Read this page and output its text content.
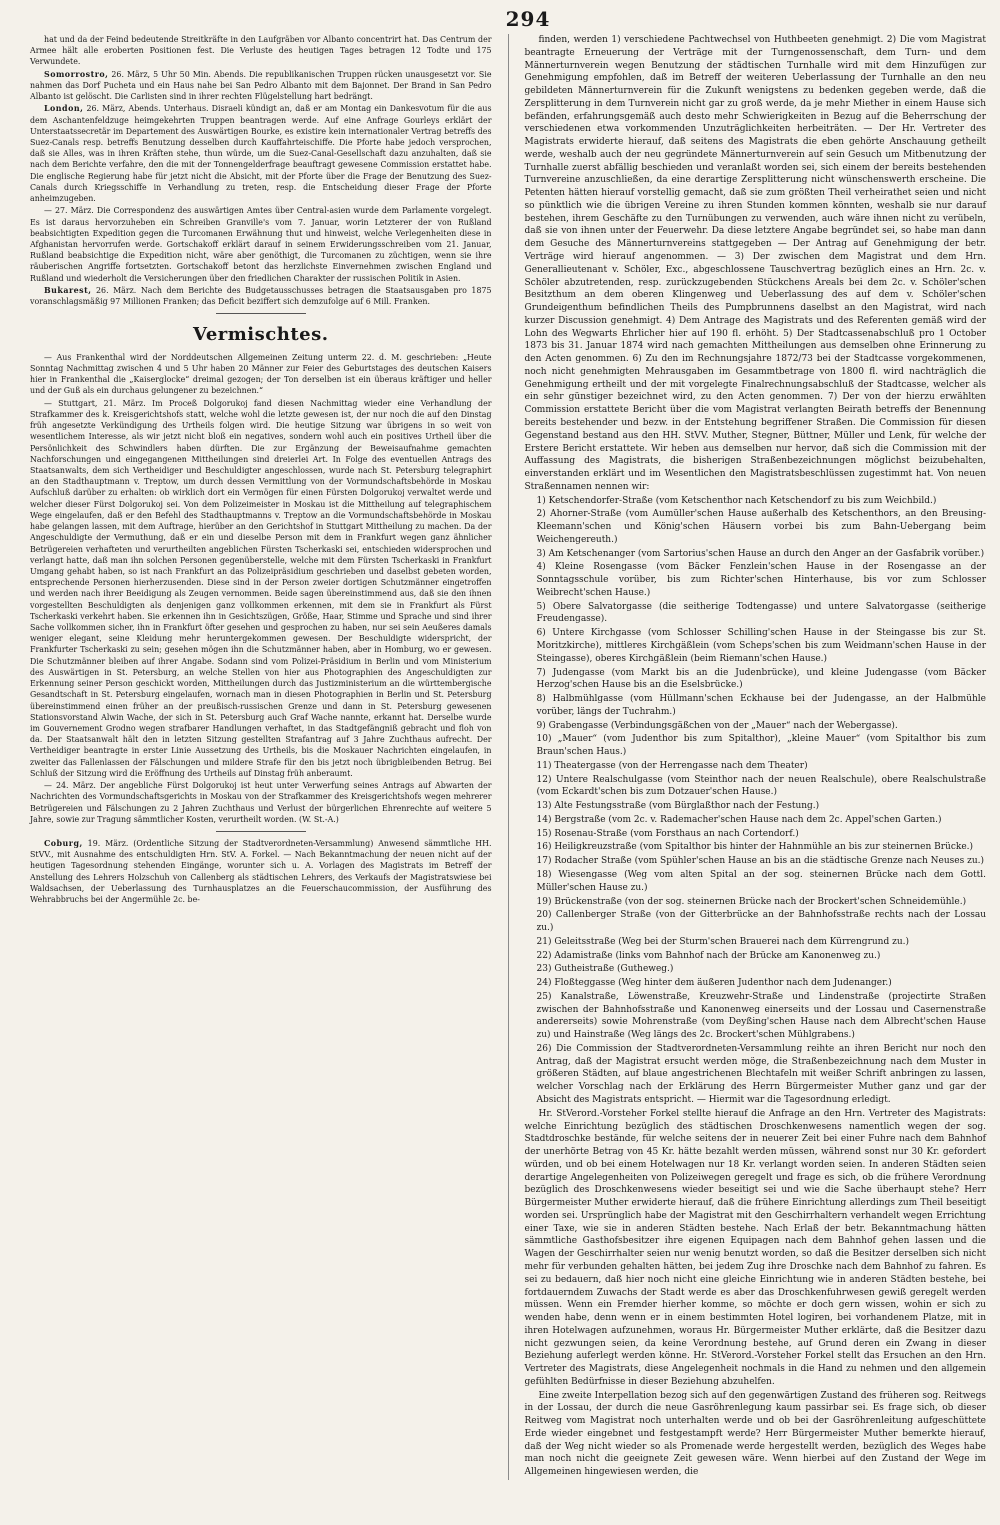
294

hat und da der Feind bedeutende Streitkräfte in den Laufgräben vor Albanto concentrirt hat. Das Centrum der Armee hält alle eroberten Positionen fest. Die Verluste des heutigen Tages betragen 12 Todte und 175 Verwundete.

Somorrostro, 26. März, 5 Uhr 50 Min. Abends. Die republikanischen Truppen rücken unausgesetzt vor. Sie nahmen das Dorf Pucheta und ein Haus nahe bei San Pedro Albanto mit dem Bajonnet. Der Brand in San Pedro Albanto ist gelöscht. Die Carlisten sind in ihrer rechten Flügelstellung hart bedrängt.

London, 26. März, Abends. Unterhaus. Disraeli kündigt an, daß er am Montag ein Dankesvotum für die aus dem Aschantenfeldzuge heimgekehrten Truppen beantragen werde. Auf eine Anfrage Gourleys erklärt der Unterstaatssecretär im Departement des Auswärtigen Bourke, es existire kein internationaler Vertrag betreffs des Suez-Canals resp. betreffs Benutzung desselben durch Kauffahrteischiffe. Die Pforte habe jedoch versprochen, daß sie Alles, was in ihren Kräften stehe, thun würde, um die Suez-Canal-Gesellschaft dazu anzuhalten, daß sie nach dem Berichte verfahre, den die mit der Tonnengelderfrage beauftragt gewesene Commission erstattet habe. Die englische Regierung habe für jetzt nicht die Absicht, mit der Pforte über die Frage der Benutzung des Suez-Canals durch Kriegsschiffe in Verhandlung zu treten, resp. die Entscheidung dieser Frage der Pforte anheimzugeben.

— 27. März. Die Correspondenz des auswärtigen Amtes über Central-asien wurde dem Parlamente vorgelegt. Es ist daraus hervorzuheben ein Schreiben Granville's vom 7. Januar, worin Letzterer der von Rußland beabsichtigten Expedition gegen die Turcomanen Erwähnung thut und hinweist, welche Verlegenheiten diese in Afghanistan hervorrufen werde. Gortschakoff erklärt darauf in seinem Erwiderungsschreiben vom 21. Januar, Rußland beabsichtige die Expedition nicht, wäre aber genöthigt, die Turcomanen zu züchtigen, wenn sie ihre räuberischen Angriffe fortsetzten. Gortschakoff betont das herzlichste Einvernehmen zwischen England und Rußland und wiederholt die Versicherungen über den friedlichen Charakter der russischen Politik in Asien.

Bukarest, 26. März. Nach dem Berichte des Budgetausschusses betragen die Staatsausgaben pro 1875 voranschlagsmäßig 97 Millionen Franken; das Deficit beziffert sich demzufolge auf 6 Mill. Franken.

Vermischtes.

— Aus Frankenthal wird der Norddeutschen Allgemeinen Zeitung unterm 22. d. M. geschrieben: „Heute Sonntag Nachmittag zwischen 4 und 5 Uhr haben 20 Männer zur Feier des Geburtstages des deutschen Kaisers hier in Frankenthal die „Kaiserglocke“ dreimal gezogen; der Ton derselben ist ein überaus kräftiger und heller und der Guß als ein durchaus gelungener zu bezeichnen.“

— Stuttgart, 21. März. Im Proceß Dolgorukoj fand diesen Nachmittag wieder eine Verhandlung der Strafkammer des k. Kreisgerichtshofs statt, welche wohl die letzte gewesen ist, der nur noch die auf den Dinstag früh angesetzte Verkündigung des Urtheils folgen wird. Die heutige Sitzung war übrigens in so weit von wesentlichem Interesse, als wir jetzt nicht bloß ein negatives, sondern wohl auch ein positives Urtheil über die Persönlichkeit des Schwindlers haben dürften. Die zur Ergänzung der Beweisaufnahme gemachten Nachforschungen und eingegangenen Mittheilungen sind dreierlei Art. In Folge des eventuellen Antrags des Staatsanwalts, dem sich Vertheidiger und Beschuldigter angeschlossen, wurde nach St. Petersburg telegraphirt an den Stadthauptmann v. Treptow, um durch dessen Vermittlung von der Vormundschaftsbehörde in Moskau Aufschluß darüber zu erhalten: ob wirklich dort ein Vermögen für einen Fürsten Dolgorukoj verwaltet werde und welcher dieser Fürst Dolgorukoj sei. Von dem Polizeimeister in Moskau ist die Mittheilung auf telegraphischem Wege eingelaufen, daß er den Befehl des Stadthauptmanns v. Treptow an die Vormundschaftsbehörde in Moskau habe gelangen lassen, mit dem Auftrage, hierüber an den Gerichtshof in Stuttgart Mittheilung zu machen. Da der Angeschuldigte der Vermuthung, daß er ein und dieselbe Person mit dem in Frankfurt wegen ganz ähnlicher Betrügereien verhafteten und verurtheilten angeblichen Fürsten Tscherkaski sei, entschieden widersprochen und verlangt hatte, daß man ihn solchen Personen gegenüberstelle, welche mit dem Fürsten Tscherkaski in Frankfurt Umgang gehabt haben, so ist nach Frankfurt an das Polizeipräsidium geschrieben und daselbst gebeten worden, entsprechende Personen hierherzusenden. Diese sind in der Person zweier dortigen Schutzmänner eingetroffen und werden nach ihrer Beeidigung als Zeugen vernommen. Beide sagen übereinstimmend aus, daß sie den ihnen vorgestellten Beschuldigten als denjenigen ganz vollkommen erkennen, mit dem sie in Frankfurt als Fürst Tscherkaski verkehrt haben. Sie erkennen ihn in Gesichtszügen, Größe, Haar, Stimme und Sprache und sind ihrer Sache vollkommen sicher, ihn in Frankfurt öfter gesehen und gesprochen zu haben, nur sei sein Aeußeres damals weniger elegant, seine Kleidung mehr heruntergekommen gewesen. Der Beschuldigte widerspricht, der Frankfurter Tscherkaski zu sein; gesehen mögen ihn die Schutzmänner haben, aber in Homburg, wo er gewesen. Die Schutzmänner bleiben auf ihrer Angabe. Sodann sind vom Polizei-Präsidium in Berlin und vom Ministerium des Auswärtigen in St. Petersburg, an welche Stellen von hier aus Photographien des Angeschuldigten zur Erkennung seiner Person geschickt worden, Mittheilungen durch das Justizministerium an die württembergische Gesandtschaft in St. Petersburg eingelaufen, wornach man in diesen Photographien in Berlin und St. Petersburg übereinstimmend einen früher an der preußisch-russischen Grenze und dann in St. Petersburg gewesenen Stationsvorstand Alwin Wache, der sich in St. Petersburg auch Graf Wache nannte, erkannt hat. Derselbe wurde im Gouvernement Grodno wegen strafbarer Handlungen verhaftet, in das Stadtgefängniß gebracht und floh von da. Der Staatsanwalt hält den in letzten Sitzung gestellten Strafantrag auf 3 Jahre Zuchthaus aufrecht. Der Vertheidiger beantragte in erster Linie Aussetzung des Urtheils, bis die Moskauer Nachrichten eingelaufen, in zweiter das Fallenlassen der Fälschungen und mildere Strafe für den bis jetzt noch übrigbleibenden Betrug. Bei Schluß der Sitzung wird die Eröffnung des Urtheils auf Dinstag früh anberaumt.

— 24. März. Der angebliche Fürst Dolgorukoj ist heut unter Verwerfung seines Antrags auf Abwarten der Nachrichten des Vormundschaftsgerichts in Moskau von der Strafkammer des Kreisgerichtshofs wegen mehrerer Betrügereien und Fälschungen zu 2 Jahren Zuchthaus und Verlust der bürgerlichen Ehrenrechte auf weitere 5 Jahre, sowie zur Tragung sämmtlicher Kosten, verurtheilt worden. (W. St.-A.)

Coburg, 19. März. (Ordentliche Sitzung der Stadtverordneten-Versammlung) Anwesend sämmtliche HH. StVV., mit Ausnahme des entschuldigten Hrn. StV. A. Forkel. — Nach Bekanntmachung der neuen nicht auf der heutigen Tagesordnung stehenden Eingänge, worunter sich u. A. Vorlagen des Magistrats im Betreff der Anstellung des Lehrers Holzschuh von Callenberg als städtischen Lehrers, des Verkaufs der Magistratswiese bei Waldsachsen, der Ueberlassung des Turnhausplatzes an die Feuerschaucommission, der Ausführung des Wehrabbruchs bei der Angermühle 2c. be-

finden, werden 1) verschiedene Pachtwechsel von Huthbeeten genehmigt. 2) Die vom Magistrat beantragte Erneuerung der Verträge mit der Turngenossenschaft, dem Turn- und dem Männerturnverein wegen Benutzung der städtischen Turnhalle wird mit dem Hinzufügen zur Genehmigung empfohlen, daß im Betreff der weiteren Ueberlassung der Turnhalle an den neu gebildeten Männerturnverein für die Zukunft wenigstens zu bedenken gegeben werde, daß die Zersplitterung in dem Turnverein nicht gar zu groß werde, da je mehr Miether in einem Hause sich befänden, erfahrungsgemäß auch desto mehr Schwierigkeiten in Bezug auf die Beherrschung der verschiedenen etwa vorkommenden Unzuträglichkeiten herbeiträten. — Der Hr. Vertreter des Magistrats erwiderte hierauf, daß seitens des Magistrats die eben gehörte Anschauung getheilt werde, weshalb auch der neu gegründete Männerturnverein auf sein Gesuch um Mitbenutzung der Turnhalle zuerst abfällig beschieden und veranlaßt worden sei, sich einem der bereits bestehenden Turnvereine anzuschließen, da eine derartige Zersplitterung nicht wünschenswerth erscheine. Die Petenten hätten hierauf vorstellig gemacht, daß sie zum größten Theil verheirathet seien und nicht so pünktlich wie die übrigen Vereine zu ihren Stunden kommen könnten, weshalb sie nur darauf bestehen, ihrem Geschäfte zu den Turnübungen zu verwenden, auch wäre ihnen nicht zu verübeln, daß sie von ihnen unter der Feuerwehr. Da diese letztere Angabe begründet sei, so habe man dann dem Gesuche des Männerturnvereins stattgegeben — Der Antrag auf Genehmigung der betr. Verträge wird hierauf angenommen. — 3) Der zwischen dem Magistrat und dem Hrn. Generallieutenant v. Schöler, Exc., abgeschlossene Tauschvertrag bezüglich eines an Hrn. 2c. v. Schöler abzutretenden, resp. zurückzugebenden Stückchens Areals bei dem 2c. v. Schöler'schen Besitzthum an dem oberen Klingenweg und Ueberlassung des auf dem v. Schöler'schen Grundeigenthum befindlichen Theils des Pumpbrunnens daselbst an den Magistrat, wird nach kurzer Discussion genehmigt. 4) Dem Antrage des Magistrats und des Referenten gemäß wird der Lohn des Wegwarts Ehrlicher hier auf 190 fl. erhöht. 5) Der Stadtcassenabschluß pro 1 October 1873 bis 31. Januar 1874 wird nach gemachten Mittheilungen aus demselben ohne Erinnerung zu den Acten genommen. 6) Zu den im Rechnungsjahre 1872/73 bei der Stadtcasse vorgekommenen, noch nicht genehmigten Mehrausgaben im Gesammtbetrage von 1800 fl. wird nachträglich die Genehmigung ertheilt und der mit vorgelegte Finalrechnungsabschluß der Stadtcasse, welcher als ein sehr günstiger bezeichnet wird, zu den Acten genommen. 7) Der von der hierzu erwählten Commission erstattete Bericht über die vom Magistrat verlangten Beirath betreffs der Benennung bereits bestehender und bezw. in der Entstehung begriffener Straßen. Die Commission für diesen Gegenstand bestand aus den HH. StVV. Muther, Stegner, Büttner, Müller und Lenk, für welche der Erstere Bericht erstattete. Wir heben aus demselben nur hervor, daß sich die Commission mit der Auffassung des Magistrats, die bisherigen Straßenbezeichnungen möglichst beizubehalten, einverstanden erklärt und im Wesentlichen den Magistratsbeschlüssen zugestimmt hat. Von neuen Straßennamen nennen wir:

1) Ketschendorfer-Straße (vom Ketschenthor nach Ketschendorf zu bis zum Weichbild.)
2) Ahorner-Straße (vom Aumüller'schen Hause außerhalb des Ketschenthors, an den Breusing-Kleemann'schen und König'schen Häusern vorbei bis zum Bahn-Uebergang beim Weichengereuth.)
3) Am Ketschenanger (vom Sartorius'schen Hause an durch den Anger an der Gasfabrik vorüber.)
4) Kleine Rosengasse (vom Bäcker Fenzlein'schen Hause in der Rosengasse an der Sonntagsschule vorüber, bis zum Richter'schen Hinterhause, bis vor zum Schlosser Weibrecht'schen Hause.)
5) Obere Salvatorgasse (die seitherige Todtengasse) und untere Salvatorgasse (seitherige Freudengasse).
6) Untere Kirchgasse (vom Schlosser Schilling'schen Hause in der Steingasse bis zur St. Moritzkirche), mittleres Kirchgäßlein (vom Scheps'schen bis zum Weidmann'schen Hause in der Steingasse), oberes Kirchgäßlein (beim Riemann'schen Hause.)
7) Judengasse (vom Markt bis an die Judenbrücke), und kleine Judengasse (vom Bäcker Herzog'schen Hause bis an die Eselsbrücke.)
8) Halbmühlgasse (vom Hüllmann'schen Eckhause bei der Judengasse, an der Halbmühle vorüber, längs der Tuchrahm.)
9) Grabengasse (Verbindungsgäßchen von der „Mauer“ nach der Webergasse).
10) „Mauer“ (vom Judenthor bis zum Spitalthor), „kleine Mauer“ (vom Spitalthor bis zum Braun'schen Haus.)
11) Theatergasse (von der Herrengasse nach dem Theater)
12) Untere Realschulgasse (vom Steinthor nach der neuen Realschule), obere Realschulstraße (vom Eckardt'schen bis zum Dotzauer'schen Hause.)
13) Alte Festungsstraße (vom Bürglaßthor nach der Festung.)
14) Bergstraße (vom 2c. v. Rademacher'schen Hause nach dem 2c. Appel'schen Garten.)
15) Rosenau-Straße (vom Forsthaus an nach Cortendorf.)
16) Heiligkreuzstraße (vom Spitalthor bis hinter der Hahnmühle an bis zur steinernen Brücke.)
17) Rodacher Straße (vom Spühler'schen Hause an bis an die städtische Grenze nach Neuses zu.)
18) Wiesengasse (Weg vom alten Spital an der sog. steinernen Brücke nach dem Gottl. Müller'schen Hause zu.)
19) Brückenstraße (von der sog. steinernen Brücke nach der Brockert'schen Schneidemühle.)
20) Callenberger Straße (von der Gitterbrücke an der Bahnhofsstraße rechts nach der Lossau zu.)
21) Geleitsstraße (Weg bei der Sturm'schen Brauerei nach dem Kürrengrund zu.)
22) Adamistraße (links vom Bahnhof nach der Brücke am Kanonenweg zu.)
23) Gutheistraße (Gutheweg.)
24) Floßteggasse (Weg hinter dem äußeren Judenthor nach dem Judenanger.)
25) Kanalstraße, Löwenstraße, Kreuzwehr-Straße und Lindenstraße (projectirte Straßen zwischen der Bahnhofsstraße und Kanonenweg einerseits und der Lossau und Casernenstraße andererseits) sowie Mohrenstraße (vom Deyßing'schen Hause nach dem Albrecht'schen Hause zu) und Hainstraße (Weg längs des 2c. Brockert'schen Mühlgrabens.)
26) Die Commission der Stadtverordneten-Versammlung reihte an ihren Bericht nur noch den Antrag, daß der Magistrat ersucht werden möge, die Straßenbezeichnung nach dem Muster in größeren Städten, auf blaue angestrichenen Blechtafeln mit weißer Schrift anbringen zu lassen, welcher Vorschlag nach der Erklärung des Herrn Bürgermeister Muther ganz und gar der Absicht des Magistrats entspricht. — Hiermit war die Tagesordnung erledigt.

Hr. StVerord.-Vorsteher Forkel stellte hierauf die Anfrage an den Hrn. Vertreter des Magistrats: welche Einrichtung bezüglich des städtischen Droschkenwesens namentlich wegen der sog. Stadtdroschke bestände, für welche seitens der in neuerer Zeit bei einer Fuhre nach dem Bahnhof der unerhörte Betrag von 45 Kr. hätte bezahlt werden müssen, während sonst nur 30 Kr. gefordert würden, und ob bei einem Hotelwagen nur 18 Kr. verlangt worden seien. In anderen Städten seien derartige Angelegenheiten von Polizeiwegen geregelt und frage es sich, ob die frühere Verordnung bezüglich des Droschkenwesens wieder beseitigt sei und wie die Sache überhaupt stehe? Herr Bürgermeister Muther erwiderte hierauf, daß die frühere Einrichtung allerdings zum Theil beseitigt worden sei. Ursprünglich habe der Magistrat mit den Geschirrhaltern verhandelt wegen Errichtung einer Taxe, wie sie in anderen Städten bestehe. Nach Erlaß der betr. Bekanntmachung hätten sämmtliche Gasthofsbesitzer ihre eigenen Equipagen nach dem Bahnhof gehen lassen und die Wagen der Geschirrhalter seien nur wenig benutzt worden, so daß die Besitzer derselben sich nicht mehr für verbunden gehalten hätten, bei jedem Zug ihre Droschke nach dem Bahnhof zu fahren. Es sei zu bedauern, daß hier noch nicht eine gleiche Einrichtung wie in anderen Städten bestehe, bei fortdauerndem Zuwachs der Stadt werde es aber das Droschkenfuhrwesen gewiß geregelt werden müssen. Wenn ein Fremder hierher komme, so möchte er doch gern wissen, wohin er sich zu wenden habe, denn wenn er in einem bestimmten Hotel logiren, bei vorhandenem Platze, mit in ihren Hotelwagen aufzunehmen, woraus Hr. Bürgermeister Muther erklärte, daß die Besitzer dazu nicht gezwungen seien, da keine Verordnung bestehe, auf Grund deren ein Zwang in dieser Beziehung auferlegt werden könne. Hr. StVerord.-Vorsteher Forkel stellt das Ersuchen an den Hrn. Vertreter des Magistrats, diese Angelegenheit nochmals in die Hand zu nehmen und den allgemein gefühlten Bedürfnisse in dieser Beziehung abzuhelfen.

Eine zweite Interpellation bezog sich auf den gegenwärtigen Zustand des früheren sog. Reitwegs in der Lossau, der durch die neue Gasröhrenlegung kaum passirbar sei. Es frage sich, ob dieser Reitweg vom Magistrat noch unterhalten werde und ob bei der Gasröhrenleitung aufgeschüttete Erde wieder eingebnet und festgestampft werde? Herr Bürgermeister Muther bemerkte hierauf, daß der Weg nicht wieder so als Promenade werde hergestellt werden, bezüglich des Weges habe man noch nicht die geeignete Zeit gewesen wäre. Wenn hierbei auf den Zustand der Wege im Allgemeinen hingewiesen werden, die
